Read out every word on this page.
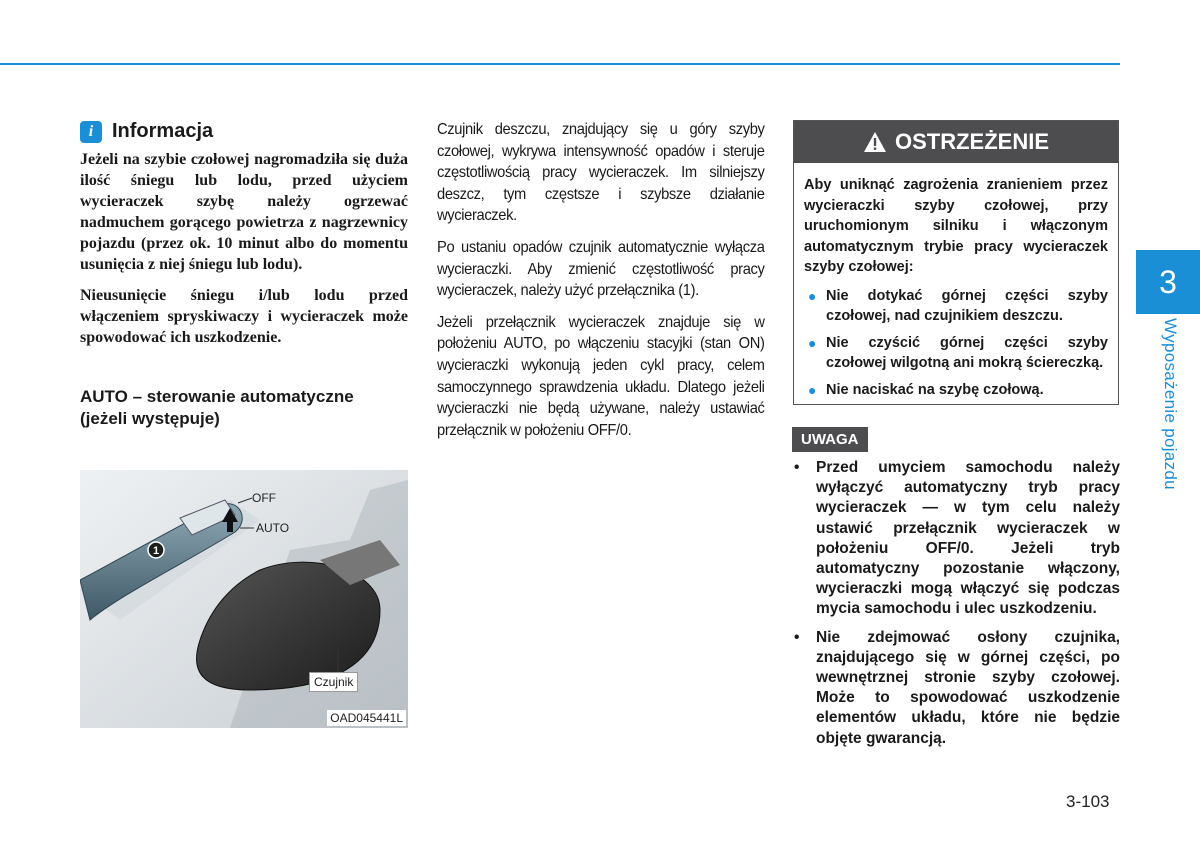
3
Wyposażenie pojazdu
i Informacja

Jeżeli na szybie czołowej nagromadziła się duża ilość śniegu lub lodu, przed użyciem wycieraczek szybę należy ogrzewać nadmuchem gorącego powietrza z nagrzewnicy pojazdu (przez ok. 10 minut albo do momentu usunięcia z niej śniegu lub lodu).

Nieusunięcie śniegu i/lub lodu przed włączeniem spryskiwaczy i wycieraczek może spowodować ich uszkodzenie.

AUTO – sterowanie automatyczne
(jeżeli występuje)
1
OFF
AUTO
Czujnik
OAD045441L

Czujnik deszczu, znajdujący się u góry szyby czołowej, wykrywa intensywność opadów i steruje częstotliwością pracy wycieraczek. Im silniejszy deszcz, tym częstsze i szybsze działanie wycieraczek.

Po ustaniu opadów czujnik automatycznie wyłącza wycieraczki. Aby zmienić częstotliwość pracy wycieraczek, należy użyć przełącznika (1).

Jeżeli przełącznik wycieraczek znajduje się w położeniu AUTO, po włączeniu stacyjki (stan ON) wycieraczki wykonują jeden cykl pracy, celem samoczynnego sprawdzenia układu. Dlatego jeżeli wycieraczki nie będą używane, należy ustawiać przełącznik w położeniu OFF/0.

OSTRZEŻENIE

Aby uniknąć zagrożenia zranieniem przez wycieraczki szyby czołowej, przy uruchomionym silniku i włączonym automatycznym trybie pracy wycieraczek szyby czołowej:

● Nie dotykać górnej części szyby czołowej, nad czujnikiem deszczu.
● Nie czyścić górnej części szyby czołowej wilgotną ani mokrą ściereczką.
● Nie naciskać na szybę czołową.
UWAGA
• Przed umyciem samochodu należy wyłączyć automatyczny tryb pracy wycieraczek — w tym celu należy ustawić przełącznik wycieraczek w położeniu OFF/0. Jeżeli tryb automatyczny pozostanie włączony, wycieraczki mogą włączyć się podczas mycia samochodu i ulec uszkodzeniu.
• Nie zdejmować osłony czujnika, znajdującego się w górnej części, po wewnętrznej stronie szyby czołowej. Może to spowodować uszkodzenie elementów układu, które nie będzie objęte gwarancją.
3-103
